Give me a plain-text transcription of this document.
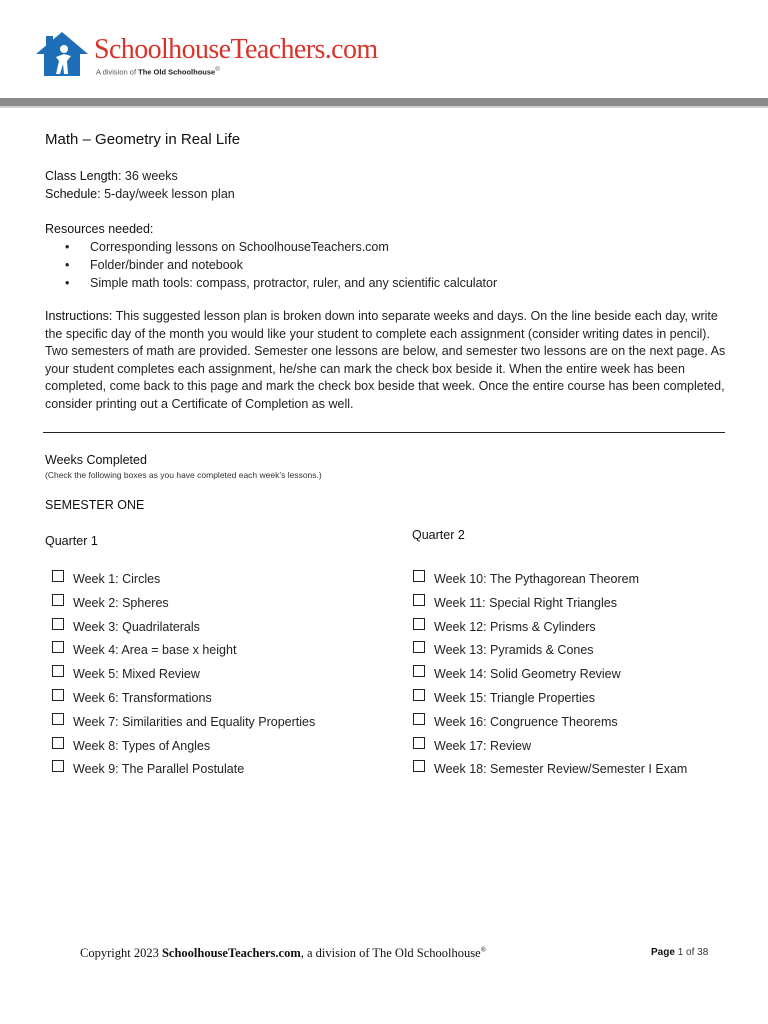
SchoolhouseTeachers.com
A division of The Old Schoolhouse®
Math – Geometry in Real Life
Class Length: 36 weeks
Schedule: 5-day/week lesson plan
Resources needed:
• Corresponding lessons on SchoolhouseTeachers.com
• Folder/binder and notebook
• Simple math tools: compass, protractor, ruler, and any scientific calculator
Instructions: This suggested lesson plan is broken down into separate weeks and days. On the line beside each day, write the specific day of the month you would like your student to complete each assignment (consider writing dates in pencil). Two semesters of math are provided. Semester one lessons are below, and semester two lessons are on the next page. As your student completes each assignment, he/she can mark the check box beside it. When the entire week has been completed, come back to this page and mark the check box beside that week. Once the entire course has been completed, consider printing out a Certificate of Completion as well.
Weeks Completed
(Check the following boxes as you have completed each week’s lessons.)
SEMESTER ONE
Quarter 1	Quarter 2
Week 1: Circles
Week 2: Spheres
Week 3: Quadrilaterals
Week 4: Area = base x height
Week 5: Mixed Review
Week 6: Transformations
Week 7: Similarities and Equality Properties
Week 8: Types of Angles
Week 9: The Parallel Postulate
Week 10: The Pythagorean Theorem
Week 11: Special Right Triangles
Week 12: Prisms & Cylinders
Week 13: Pyramids & Cones
Week 14: Solid Geometry Review
Week 15: Triangle Properties
Week 16: Congruence Theorems
Week 17: Review
Week 18: Semester Review/Semester I Exam
Copyright 2023 SchoolhouseTeachers.com, a division of The Old Schoolhouse®	Page 1 of 38
